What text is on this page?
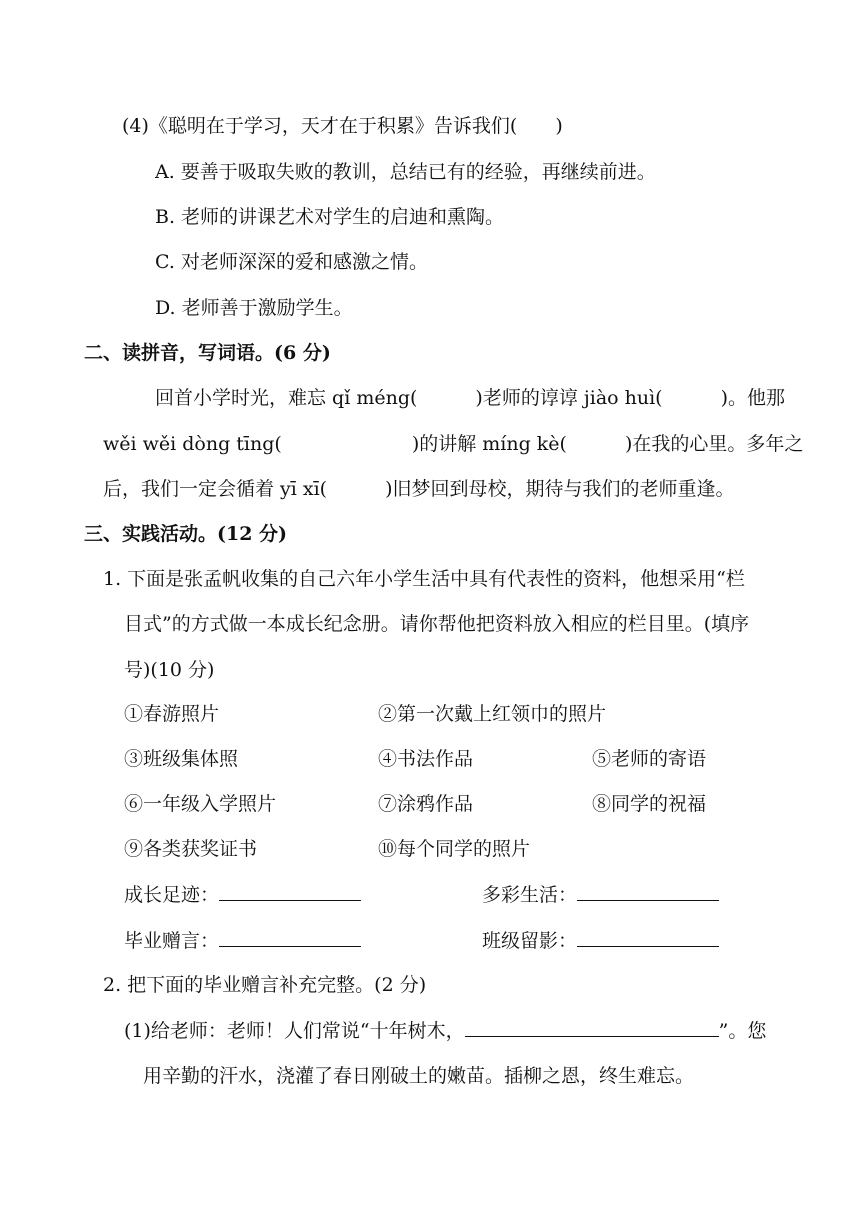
(4)《聪明在于学习，天才在于积累》告诉我们(　　)
A. 要善于吸取失败的教训，总结已有的经验，再继续前进。
B. 老师的讲课艺术对学生的启迪和熏陶。
C. 对老师深深的爱和感激之情。
D. 老师善于激励学生。
二、读拼音，写词语。(6 分)
回首小学时光，难忘 qǐ méng(	)老师的谆谆 jiào huì(	)。他那
wěi wěi dòng tīng(	)的讲解 míng kè(	)在我的心里。多年之
后，我们一定会循着 yī xī(	)旧梦回到母校，期待与我们的老师重逢。
三、实践活动。(12 分)
1. 下面是张孟帆收集的自己六年小学生活中具有代表性的资料，他想采用“栏
目式”的方式做一本成长纪念册。请你帮他把资料放入相应的栏目里。(填序
号)(10 分)
①春游照片	②第一次戴上红领巾的照片
③班级集体照	④书法作品	⑤老师的寄语
⑥一年级入学照片	⑦涂鸦作品	⑧同学的祝福
⑨各类获奖证书	⑩每个同学的照片
成长足迹：	多彩生活：
毕业赠言：	班级留影：
2. 把下面的毕业赠言补充完整。(2 分)
(1)给老师：老师！人们常说“十年树木，	”。您
用辛勤的汗水，浇灌了春日刚破土的嫩苗。插柳之恩，终生难忘。
